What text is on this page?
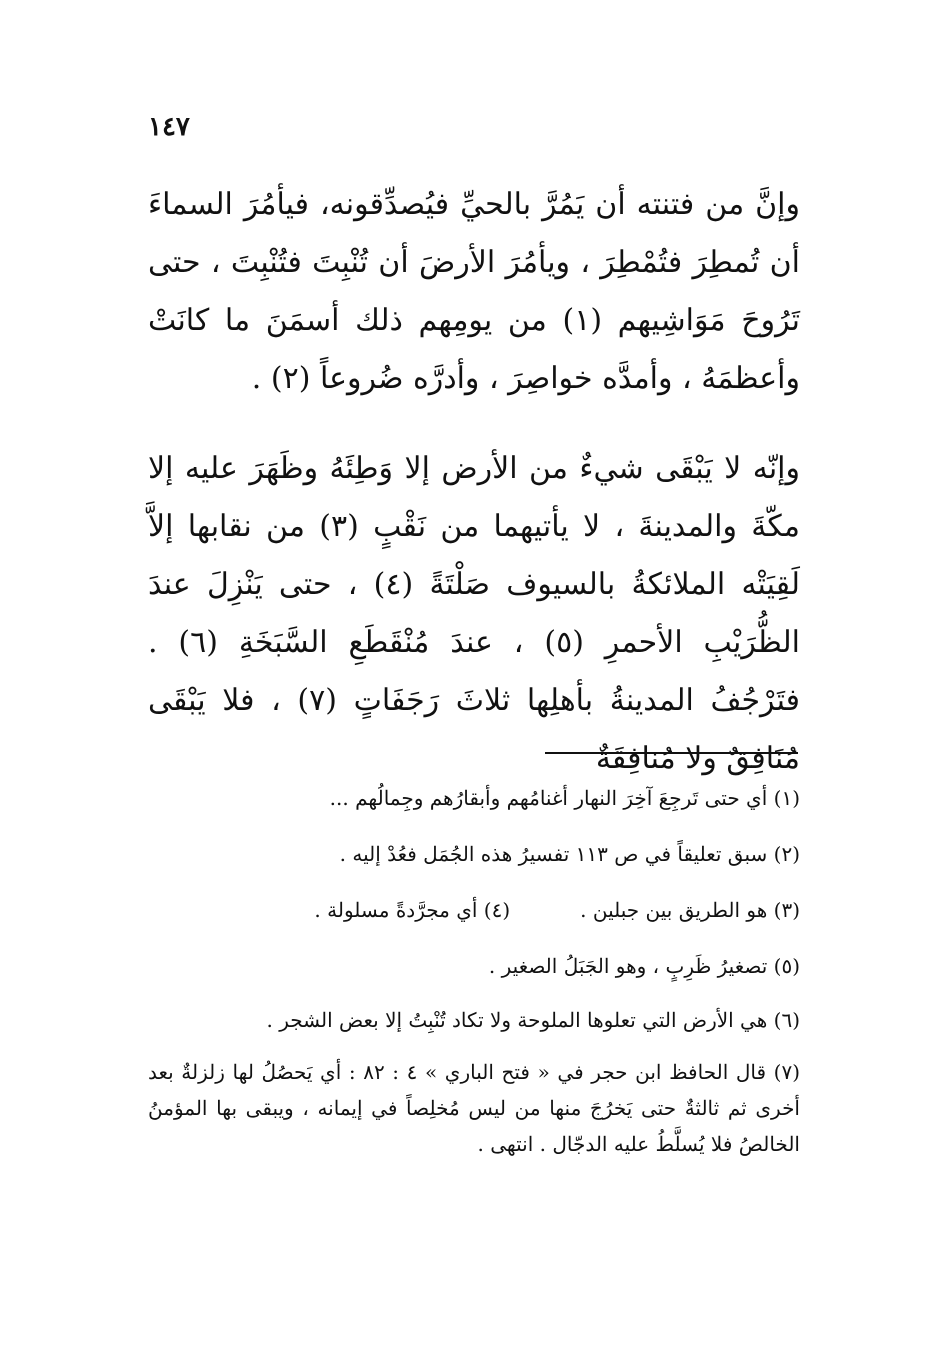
١٤٧
وإنَّ من فتنته أن يَمُرَّ بالحيِّ فيُصدِّقونه، فيأمُرَ السماءَ أن تُمطِرَ فتُمْطِرَ ، ويأمُرَ الأرضَ أن تُنْبِتَ فتُنْبِتَ ، حتى تَرُوحَ مَوَاشِيهم (١) من يومِهم ذلك أسمَنَ ما كانَتْ وأعظمَهُ ، وأمدَّه خواصِرَ ، وأدرَّه ضُروعاً (٢) .
وإنّه لا يَبْقَى شيءٌ من الأرض إلا وَطِئَهُ وظَهَرَ عليه إلا مكّةَ والمدينةَ ، لا يأتيهما من نَقْبٍ (٣) من نقابها إلاَّ لَقِيَتْه الملائكةُ بالسيوف صَلْتَةً (٤) ، حتى يَنْزِلَ عندَ الظُّرَيْبِ الأحمرِ (٥) ، عندَ مُنْقَطَعِ السَّبَخَةِ (٦) . فتَرْجُفُ المدينةُ بأهلِها ثلاثَ رَجَفَاتٍ (٧) ، فلا يَبْقَى مُنَافِقٌ ولا مُنافِقَةٌ

(١) أي حتى تَرجِعَ آخِرَ النهار أغنامُهم وأبقارُهم وجِمالُهم ...

(٢) سبق تعليقاً في ص ١١٣ تفسيرُ هذه الجُمَل فعُدْ إليه .

(٣) هو الطريق بين جبلين .(٤) أي مجرَّدةً مسلولة .

(٥) تصغيرُ ظَرِبٍ ، وهو الجَبَلُ الصغير .

(٦) هي الأرض التي تعلوها الملوحة ولا تكاد تُنْبِتُ إلا بعض الشجر .

(٧) قال الحافظ ابن حجر في « فتح الباري » ٤ : ٨٢ : أي يَحصُلُ لها زلزلةٌ بعد أخرى ثم ثالثةٌ حتى يَخرُجَ منها من ليس مُخلِصاً في إيمانه ، ويبقى بها المؤمنُ الخالصُ فلا يُسلَّطُ عليه الدجّال . انتهى .
